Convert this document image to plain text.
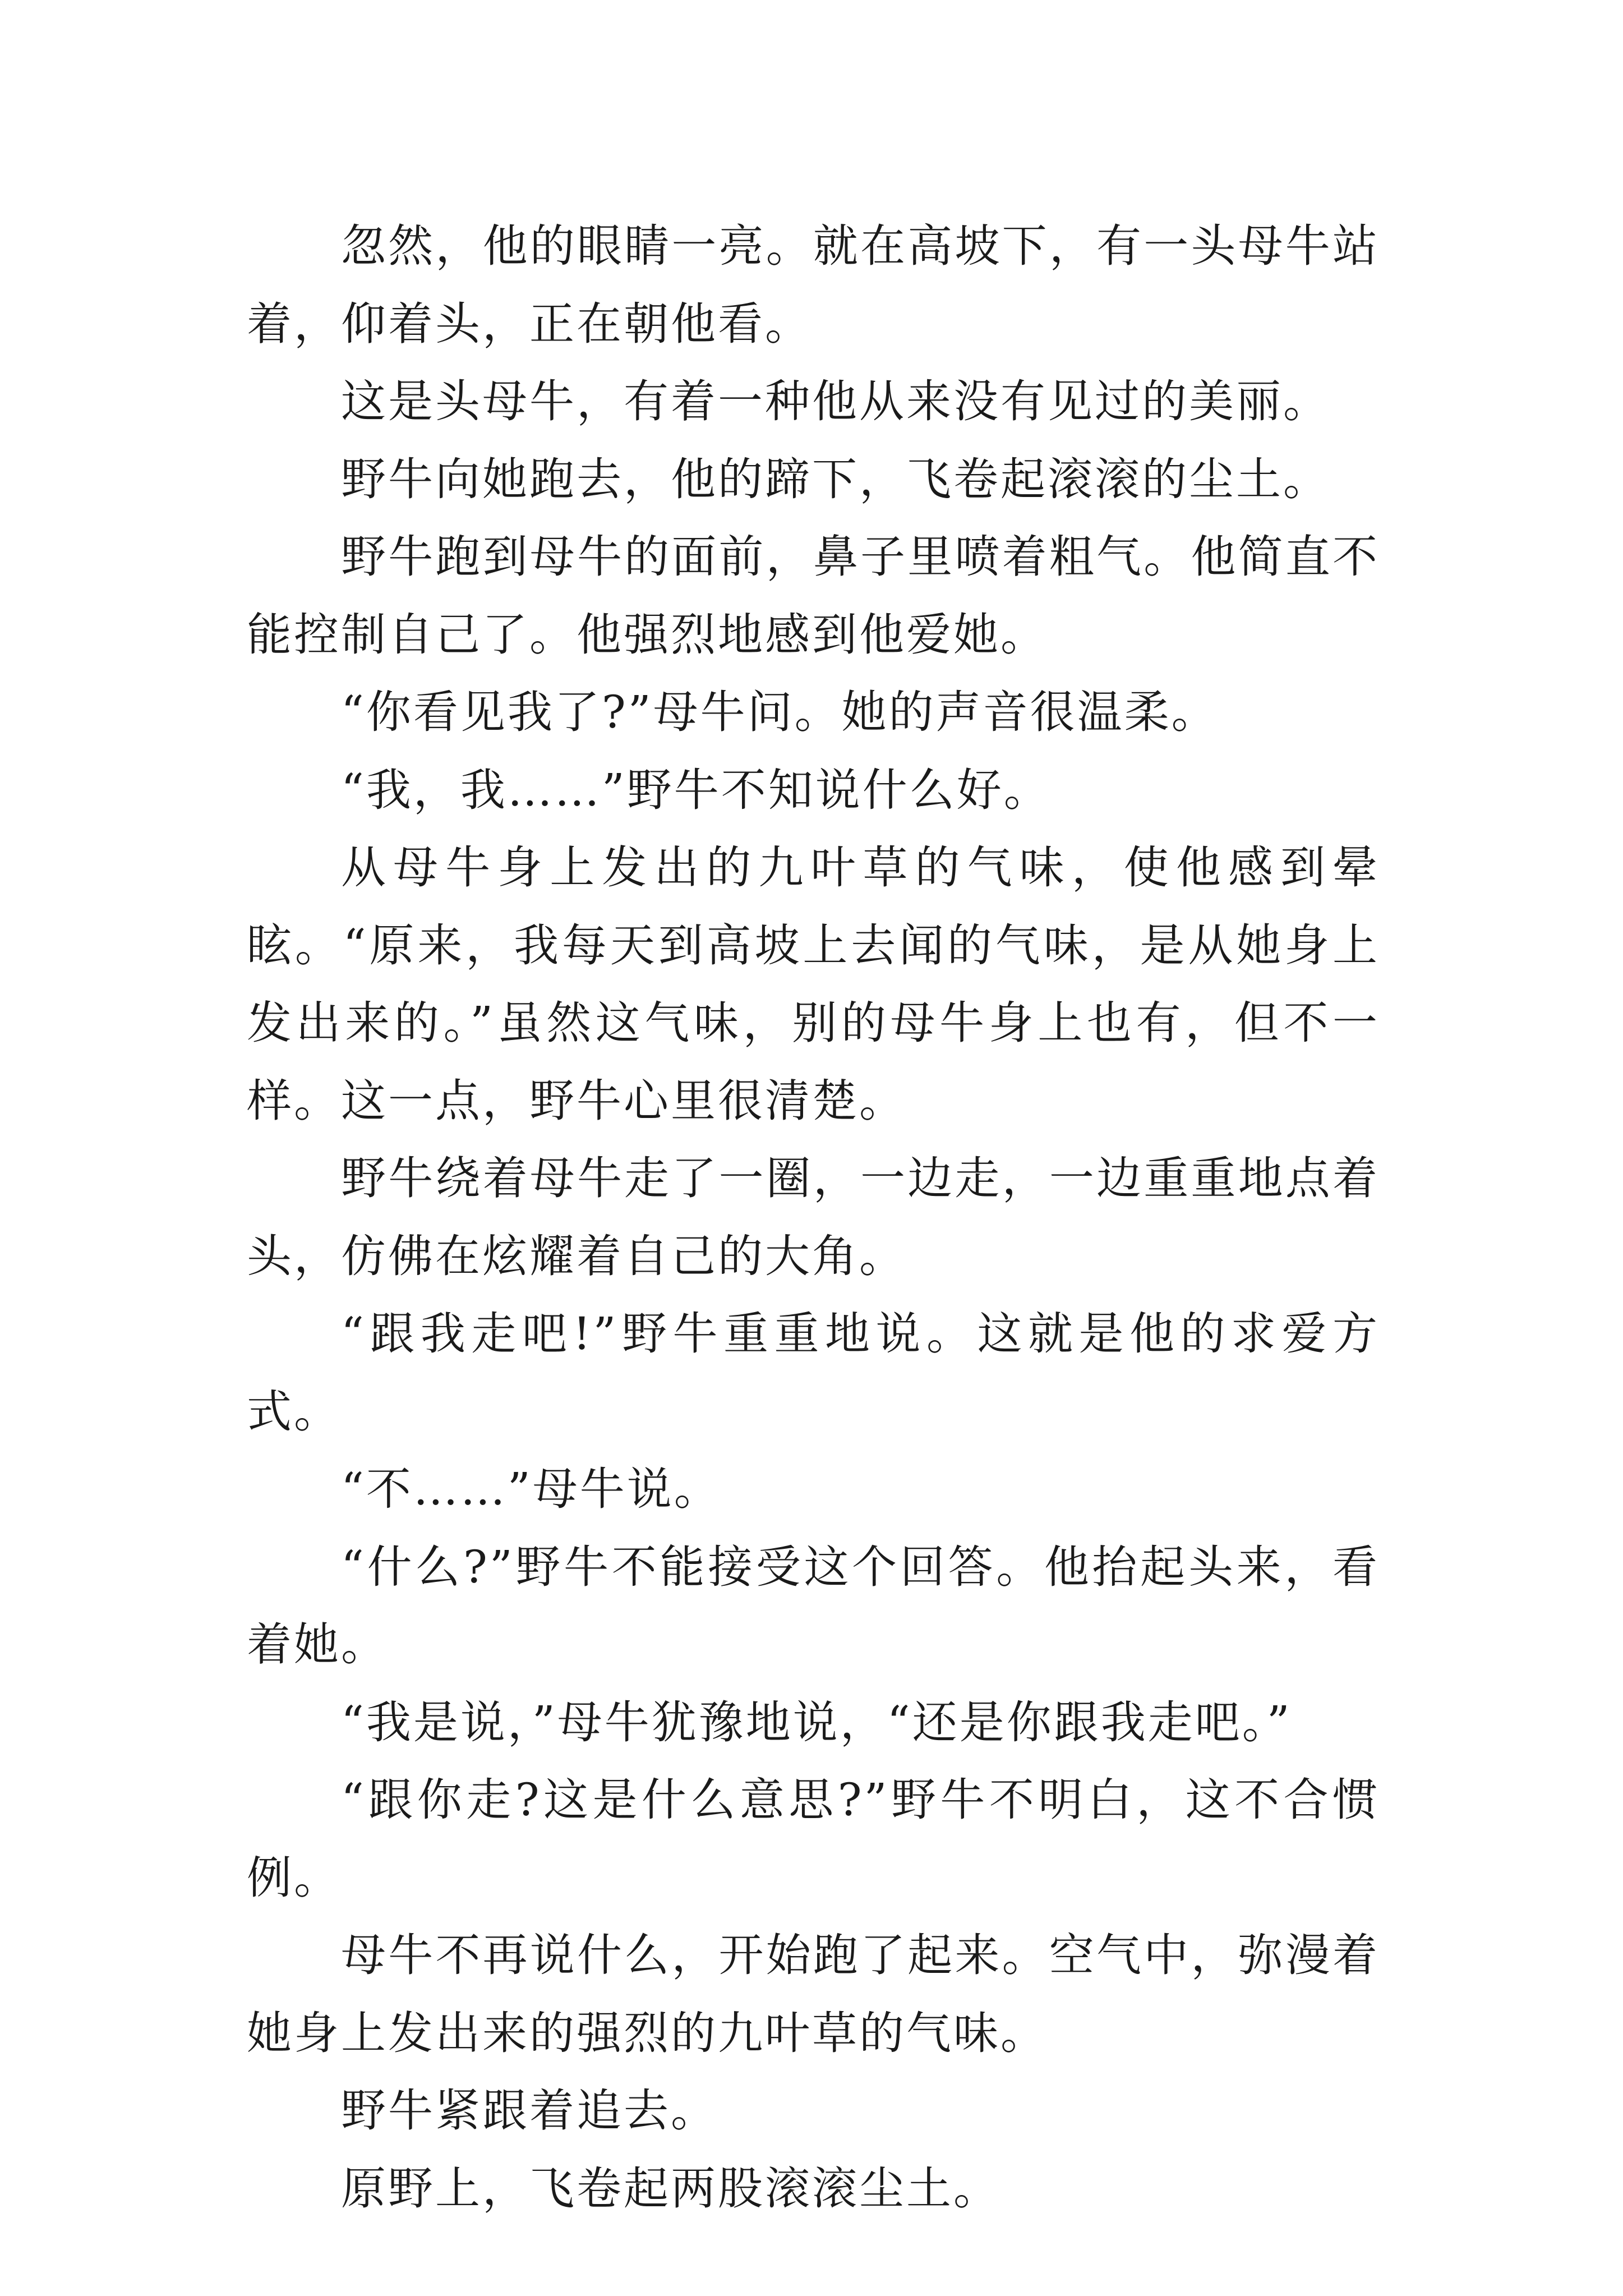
忽然，他的眼睛一亮。就在高坡下，有一头母牛站着，仰着头，正在朝他看。

这是头母牛，有着一种他从来没有见过的美丽。

野牛向她跑去，他的蹄下，飞卷起滚滚的尘土。

野牛跑到母牛的面前，鼻子里喷着粗气。他简直不能控制自己了。他强烈地感到他爱她。

“你看见我了?”母牛问。她的声音很温柔。

“我，我……”野牛不知说什么好。

从母牛身上发出的九叶草的气味，使他感到晕眩。“原来，我每天到高坡上去闻的气味，是从她身上发出来的。”虽然这气味，别的母牛身上也有，但不一样。这一点，野牛心里很清楚。

野牛绕着母牛走了一圈，一边走，一边重重地点着头，仿佛在炫耀着自己的大角。

“跟我走吧!”野牛重重地说。这就是他的求爱方式。

“不……”母牛说。

“什么?”野牛不能接受这个回答。他抬起头来，看着她。

“我是说，”母牛犹豫地说，“还是你跟我走吧。”

“跟你走?这是什么意思?”野牛不明白，这不合惯例。

母牛不再说什么，开始跑了起来。空气中，弥漫着她身上发出来的强烈的九叶草的气味。

野牛紧跟着追去。

原野上，飞卷起两股滚滚尘土。
